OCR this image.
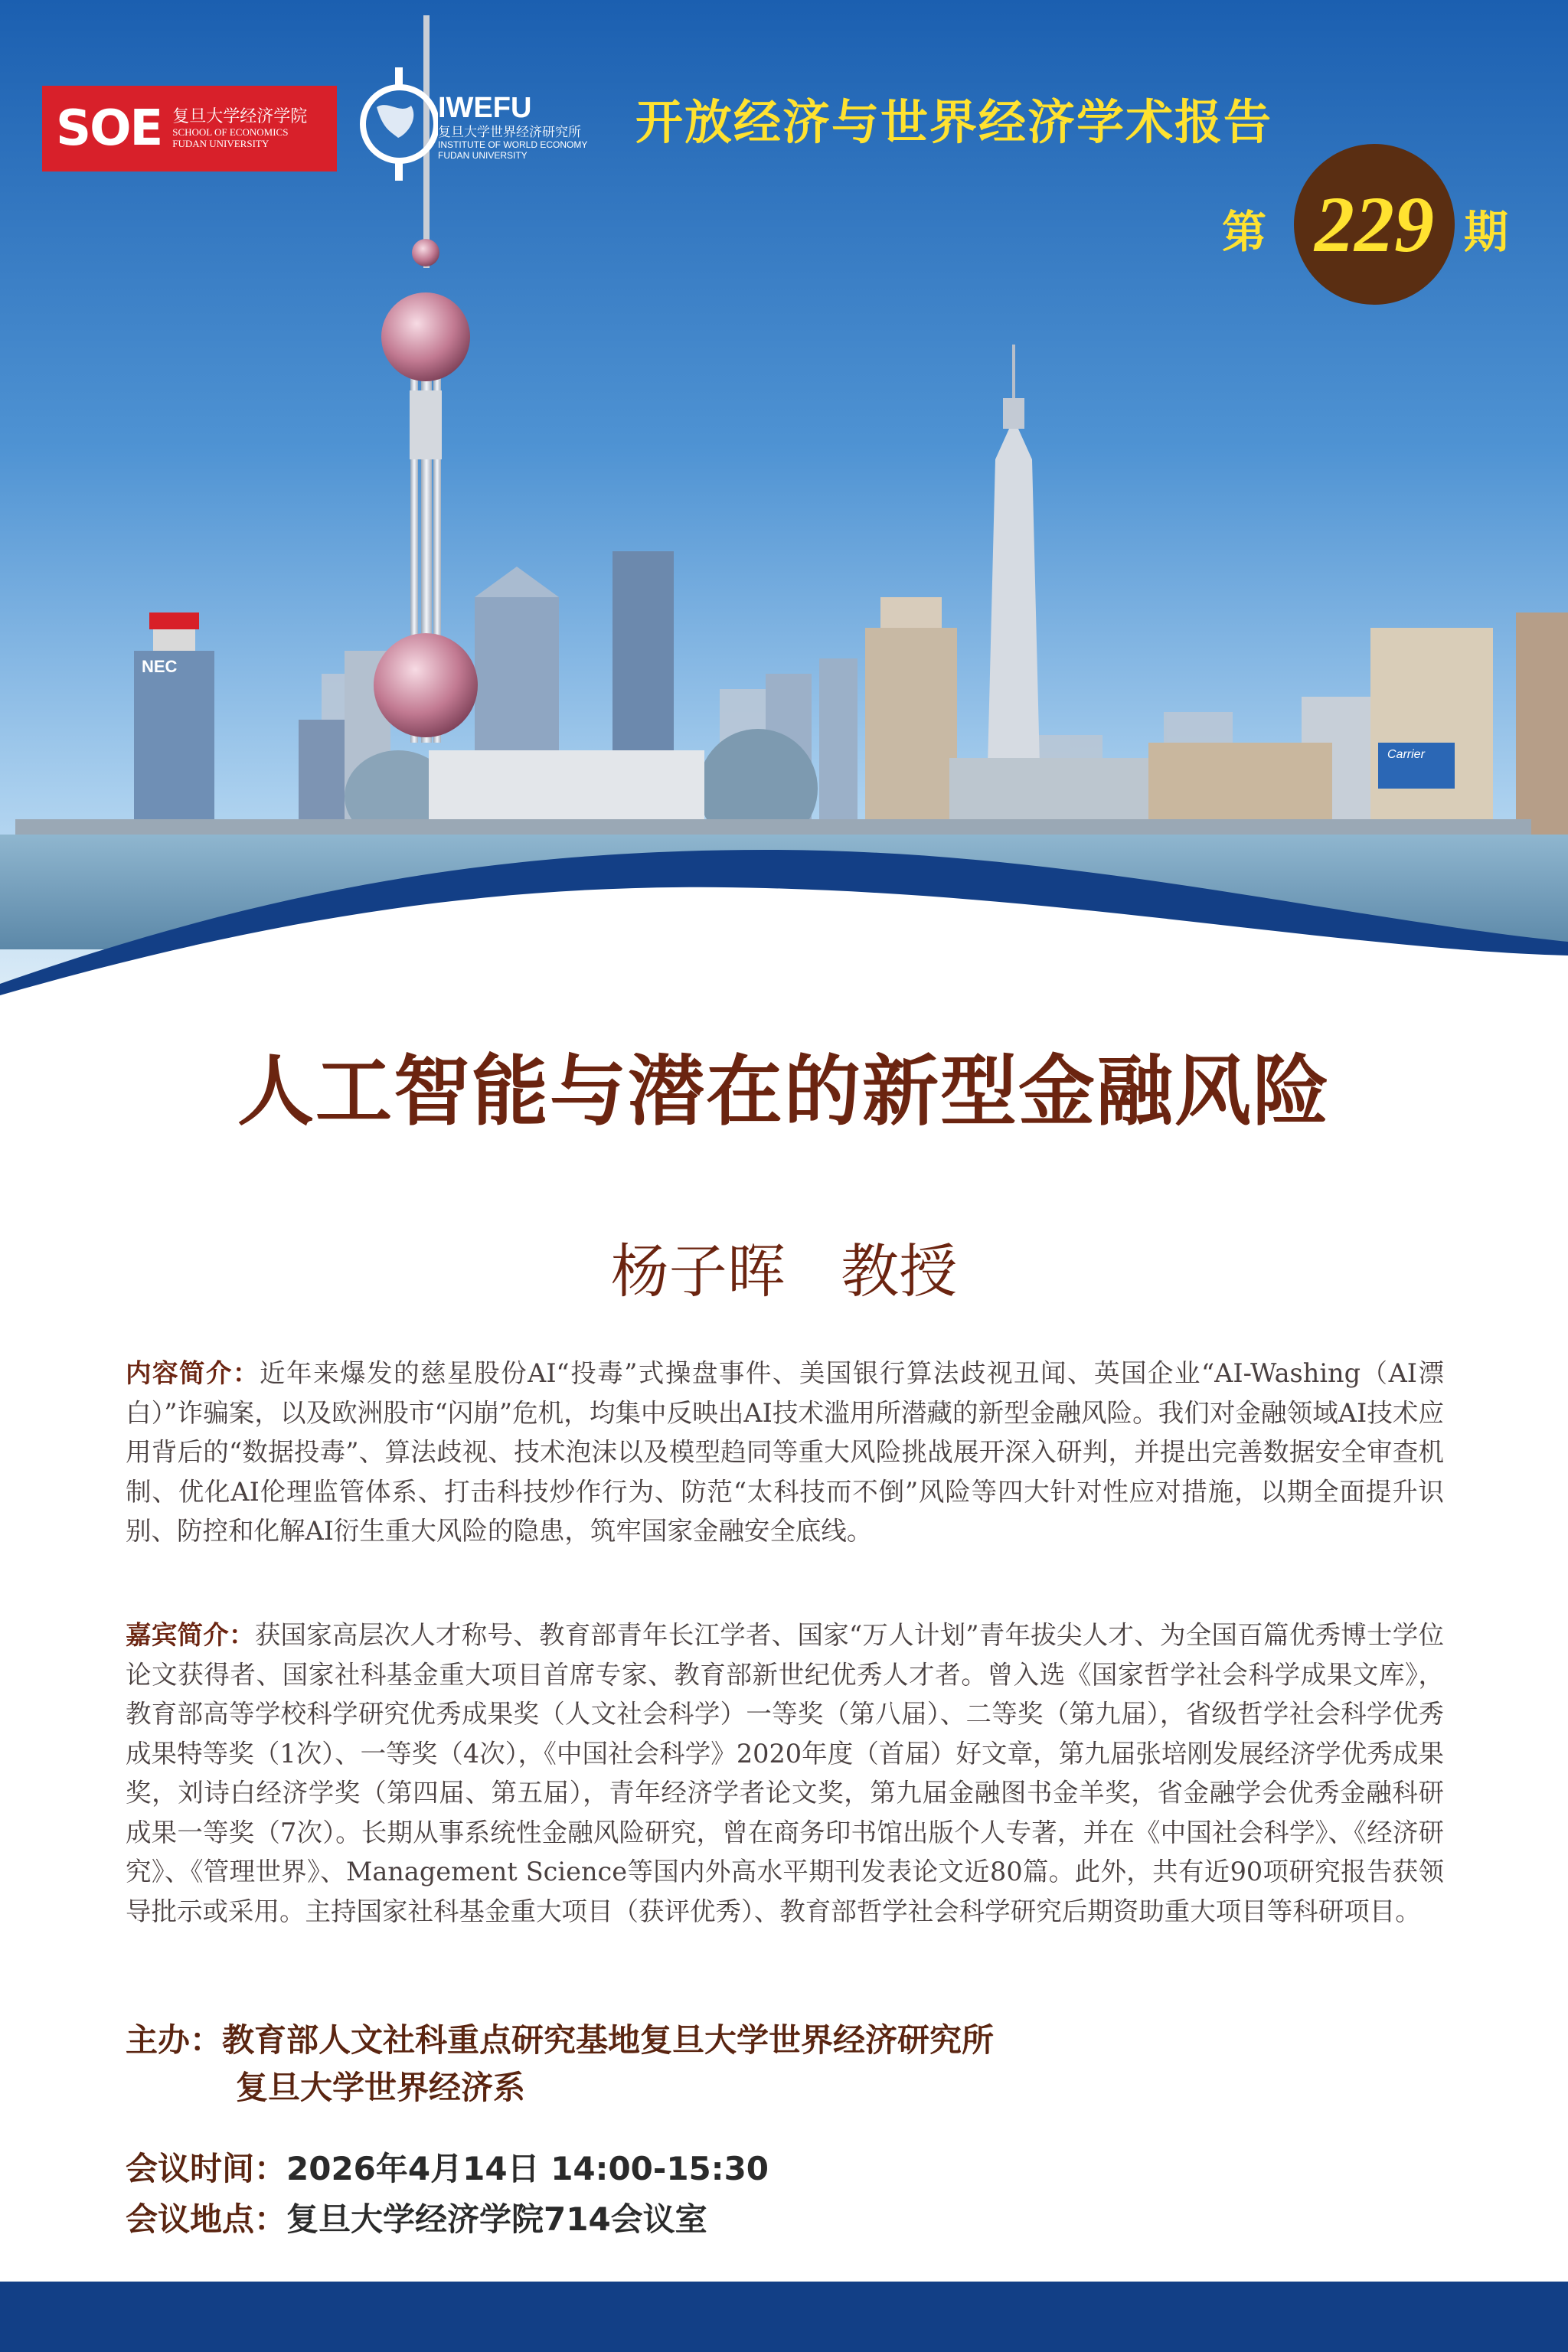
NEC
Carrier
SOE 复旦大学经济学院
SCHOOL OF ECONOMICS
FUDAN UNIVERSITY
IWEFU
复旦大学世界经济研究所
INSTITUTE OF WORLD ECONOMY
FUDAN UNIVERSITY
开放经济与世界经济学术报告
第 229 期
人工智能与潜在的新型金融风险
杨子晖   教授
内容简介：近年来爆发的慈星股份AI“投毒”式操盘事件、美国银行算法歧视丑闻、英国企业“AI-Washing（AI漂白）”诈骗案，以及欧洲股市“闪崩”危机，均集中反映出AI技术滥用所潜藏的新型金融风险。我们对金融领域AI技术应用背后的“数据投毒”、算法歧视、技术泡沫以及模型趋同等重大风险挑战展开深入研判，并提出完善数据安全审查机制、优化AI伦理监管体系、打击科技炒作行为、防范“太科技而不倒”风险等四大针对性应对措施，以期全面提升识别、防控和化解AI衍生重大风险的隐患，筑牢国家金融安全底线。
嘉宾简介：获国家高层次人才称号、教育部青年长江学者、国家“万人计划”青年拔尖人才、为全国百篇优秀博士学位论文获得者、国家社科基金重大项目首席专家、教育部新世纪优秀人才者。曾入选《国家哲学社会科学成果文库》，教育部高等学校科学研究优秀成果奖（人文社会科学）一等奖（第八届）、二等奖（第九届），省级哲学社会科学优秀成果特等奖（1次）、一等奖（4次），《中国社会科学》2020年度（首届）好文章，第九届张培刚发展经济学优秀成果奖，刘诗白经济学奖（第四届、第五届），青年经济学者论文奖，第九届金融图书金羊奖，省金融学会优秀金融科研成果一等奖（7次）。长期从事系统性金融风险研究，曾在商务印书馆出版个人专著，并在《中国社会科学》、《经济研究》、《管理世界》、Management Science等国内外高水平期刊发表论文近80篇。此外，共有近90项研究报告获领导批示或采用。主持国家社科基金重大项目（获评优秀）、教育部哲学社会科学研究后期资助重大项目等科研项目。
主办：教育部人文社科重点研究基地复旦大学世界经济研究所
复旦大学世界经济系
会议时间：2026年4月14日 14:00-15:30
会议地点：复旦大学经济学院714会议室
